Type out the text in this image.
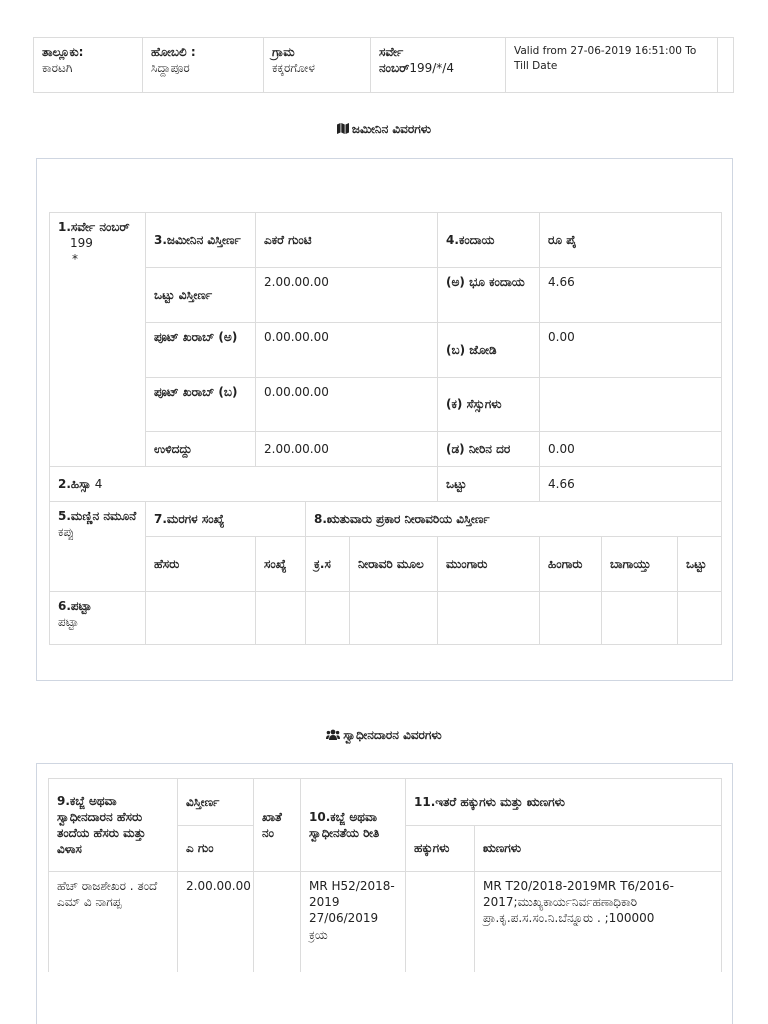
ತಾಲ್ಲೂಕು:
ಕಾರಟಗಿ

ಹೋಬಲಿ :
ಸಿದ್ದಾಪೂರ

ಗ್ರಾಮ
ಕಕ್ಕರಗೋಳ

ಸರ್ವೇ
ನಂಬರ್199/*/4
	Valid from 27-06-2019 16:51:00 To Till Date	
ಜಮೀನಿನ ವಿವರಗಳು
1.ಸರ್ವೇ ನಂಬರ್
199
*	3.ಜಮೀನಿನ ವಿಸ್ತೀರ್ಣ	ಎಕರೆ ಗುಂಟಿ			4.ಕಂದಾಯ	ರೂ ಪೈ		
	ಒಟ್ಟು ವಿಸ್ತೀರ್ಣ	2.00.00.00			(ಅ) ಭೂ ಕಂದಾಯ	4.66		
	ಪೂಟ್ ಖರಾಬ್ (ಅ)	0.00.00.00			(ಬ) ಜೋಡಿ	0.00		
	ಪೂಟ್ ಖರಾಬ್ (ಬ)	0.00.00.00			(ಕ) ಸೆಸ್ಸುಗಳು			
	ಉಳಿದದ್ದು	2.00.00.00			(ಡ) ನೀರಿನ ದರ	0.00		
2.ಹಿಸ್ಸಾ 4					ಒಟ್ಟು	4.66		

5.ಮಣ್ಣಿನ ನಮೂನೆ
ಕಪ್ಪು	7.ಮರಗಳ ಸಂಖ್ಯೆ		8.ಋತುವಾರು ಪ್ರಕಾರ ನೀರಾವರಿಯ ವಿಸ್ತೀರ್ಣ					
	ಹೆಸರು	ಸಂಖ್ಯೆ	ಕ್ರ.ಸ	ನೀರಾವರಿ ಮೂಲ	ಮುಂಗಾರು	ಹಿಂಗಾರು	ಬಾಗಾಯ್ತು	ಒಟ್ಟು

6.ಪಟ್ಟಾ
ಪಟ್ಟಾ								

ಸ್ವಾಧೀನದಾರನ ವಿವರಗಳು
9.ಕಬ್ಜೆ ಅಥವಾ ಸ್ವಾಧೀನದಾರನ ಹೆಸರು ತಂದೆಯ ಹೆಸರು ಮತ್ತು ವಿಳಾಸ	ವಿಸ್ತೀರ್ಣ	ಖಾತೆ ನಂ	10.ಕಬ್ಜೆ ಅಥವಾ ಸ್ವಾಧೀನತೆಯ ರೀತಿ	11.ಇತರೆ ಹಕ್ಕುಗಳು ಮತ್ತು ಋಣಗಳು	
	ಎ ಗುಂ			ಹಕ್ಕುಗಳು	ಋಣಗಳು
ಹೆಚ್ ರಾಜಶೇಖರ . ತಂದೆ ಎಮ್ ವಿ ನಾಗಪ್ಪ	2.00.00.00		MR H52/2018-2019 27/06/2019 ಕ್ರಯ		MR T20/2018-2019MR T6/2016-2017;ಮುಖ್ಯಕಾರ್ಯನಿರ್ವಹಣಾಧಿಕಾರಿ ಪ್ರಾ.ಕೃ.ಪ.ಸ.ಸಂ.ನಿ.ಬೆನ್ನೂರು . ;100000
